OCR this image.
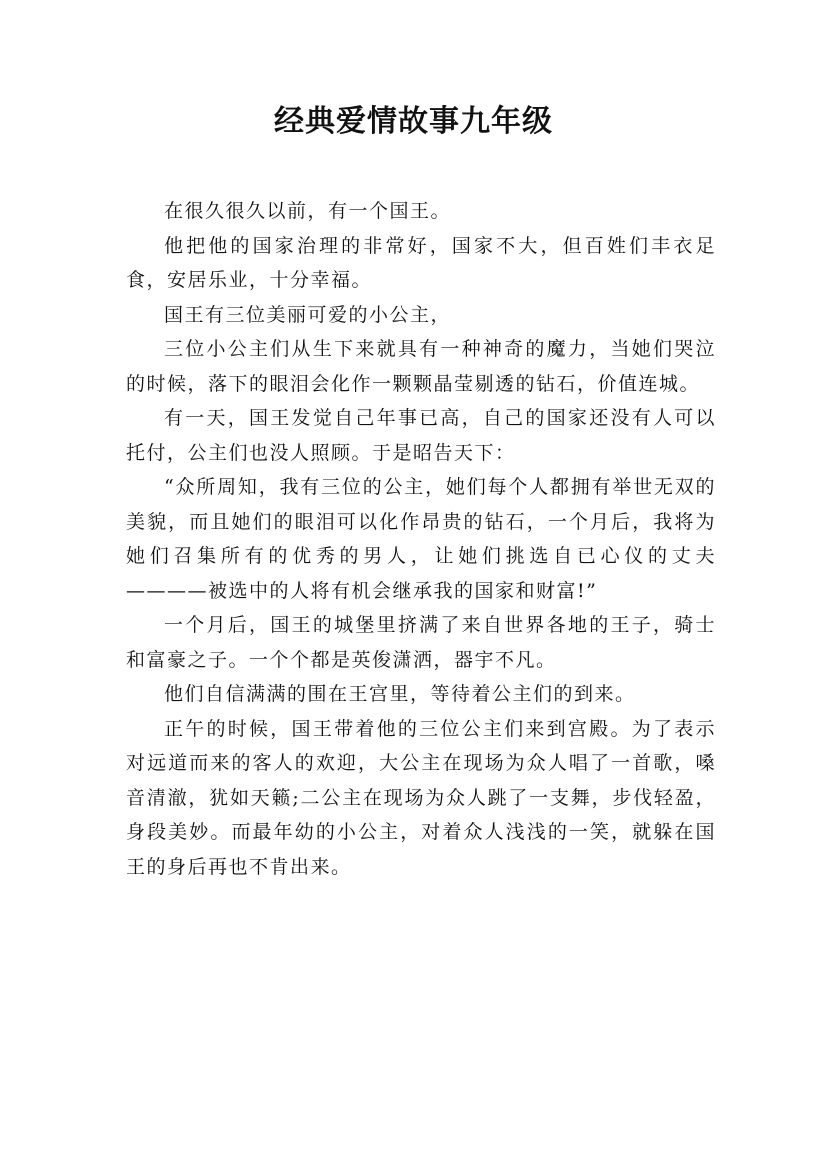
经典爱情故事九年级

在很久很久以前，有一个国王。

他把他的国家治理的非常好，国家不大，但百姓们丰衣足食，安居乐业，十分幸福。

国王有三位美丽可爱的小公主，

三位小公主们从生下来就具有一种神奇的魔力，当她们哭泣的时候，落下的眼泪会化作一颗颗晶莹剔透的钻石，价值连城。

有一天，国王发觉自己年事已高，自己的国家还没有人可以托付，公主们也没人照顾。于是昭告天下：

“众所周知，我有三位的公主，她们每个人都拥有举世无双的美貌，而且她们的眼泪可以化作昂贵的钻石，一个月后，我将为她们召集所有的优秀的男人，让她们挑选自已心仪的丈夫————被选中的人将有机会继承我的国家和财富!”

一个月后，国王的城堡里挤满了来自世界各地的王子，骑士和富豪之子。一个个都是英俊潇洒，器宇不凡。

他们自信满满的围在王宫里，等待着公主们的到来。

正午的时候，国王带着他的三位公主们来到宫殿。为了表示对远道而来的客人的欢迎，大公主在现场为众人唱了一首歌，嗓音清澈，犹如天籁;二公主在现场为众人跳了一支舞，步伐轻盈，身段美妙。而最年幼的小公主，对着众人浅浅的一笑，就躲在国王的身后再也不肯出来。
